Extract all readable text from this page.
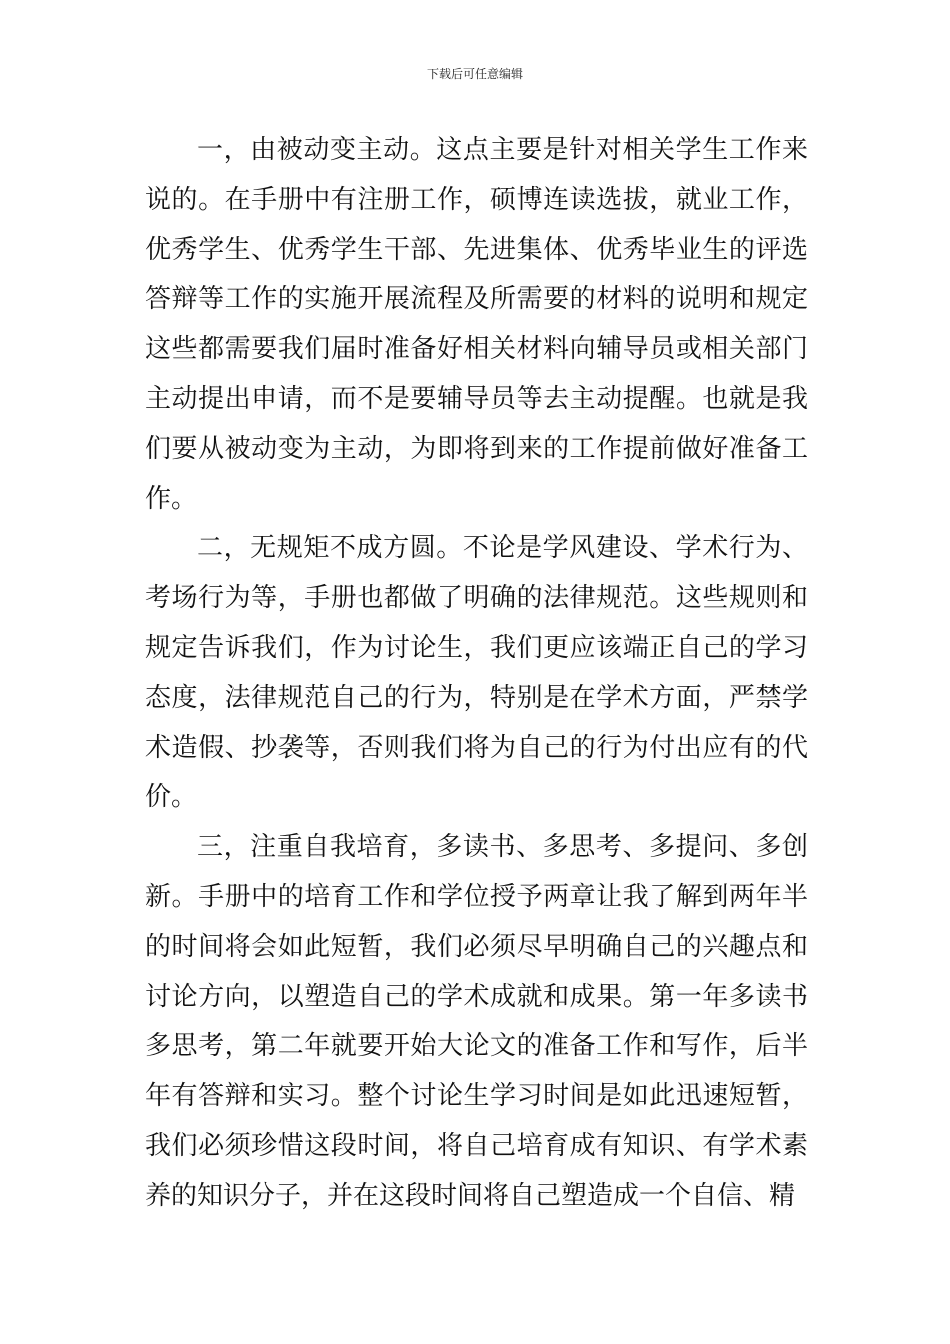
下载后可任意编辑

一，由被动变主动。这点主要是针对相关学生工作来说的。在手册中有注册工作，硕博连读选拔，就业工作，优秀学生、优秀学生干部、先进集体、优秀毕业生的评选答辩等工作的实施开展流程及所需要的材料的说明和规定这些都需要我们届时准备好相关材料向辅导员或相关部门主动提出申请，而不是要辅导员等去主动提醒。也就是我们要从被动变为主动，为即将到来的工作提前做好准备工作。

二，无规矩不成方圆。不论是学风建设、学术行为、考场行为等，手册也都做了明确的法律规范。这些规则和规定告诉我们，作为讨论生，我们更应该端正自己的学习态度，法律规范自己的行为，特别是在学术方面，严禁学术造假、抄袭等，否则我们将为自己的行为付出应有的代价。

三，注重自我培育，多读书、多思考、多提问、多创新。手册中的培育工作和学位授予两章让我了解到两年半的时间将会如此短暂，我们必须尽早明确自己的兴趣点和讨论方向，以塑造自己的学术成就和成果。第一年多读书多思考，第二年就要开始大论文的准备工作和写作，后半年有答辩和实习。整个讨论生学习时间是如此迅速短暂，我们必须珍惜这段时间，将自己培育成有知识、有学术素养的知识分子，并在这段时间将自己塑造成一个自信、精
